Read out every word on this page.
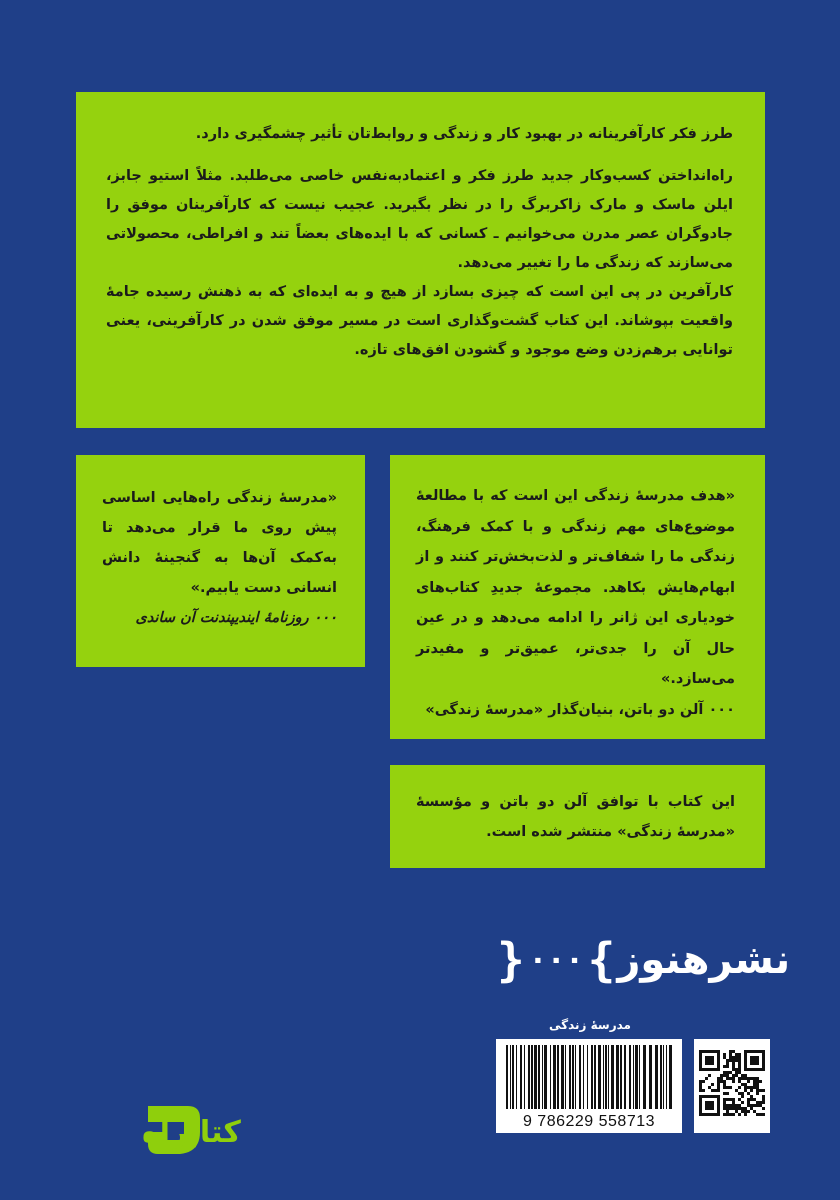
طرز فکر کارآفرینانه در بهبود کار و زندگی و روابط‌تان تأثیر چشمگیری دارد.

راه‌انداختن کسب‌وکار جدید طرز فکر و اعتماد‌به‌نفس خاصی می‌طلبد. مثلاً استیو جابز، ایلن ماسک و مارک زاکربرگ را در نظر بگیرید. عجیب نیست که کارآفرینان موفق را جادوگران عصر مدرن می‌خوانیم ـ کسانی که با ایده‌های بعضاً تند و افراطی، محصولاتی می‌سازند که زندگی ما را تغییر می‌دهد.

کارآفرین در پی این است که چیزی بسازد از هیچ و به ایده‌ای که به ذهنش رسیده جامهٔ واقعیت بپوشاند. این کتاب گشت‌وگذاری است در مسیر موفق شدن در کارآفرینی، یعنی توانایی برهم‌زدن وضع موجود و گشودن افق‌های تازه.

«هدف مدرسهٔ زندگی این است که با مطالعهٔ موضوع‌های مهم زندگی و با کمک فرهنگ، زندگی ما را شفاف‌تر و لذت‌بخش‌تر کنند و از ابهام‌هایش بکاهد. مجموعهٔ جدیدِ کتاب‌های خودیاری این ژانر را ادامه می‌دهد و در عین حال آن را جدی‌تر، عمیق‌تر و مفیدتر می‌سازد.»

۰۰۰ آلن دو باتن، بنیان‌گذار «مدرسهٔ زندگی»

«مدرسهٔ زندگی راه‌هایی اساسی پیش روی ما قرار می‌دهد تا به‌کمک آن‌ها به گنجینهٔ دانش انسانی دست یابیم.»

۰۰۰ روزنامهٔ ایندیپندنت آن ساندی

این کتاب با توافق آلن دو باتن و مؤسسهٔ «مدرسهٔ زندگی» منتشر شده است.

نشرهنوز
}
۰۰۰
{
مدرسهٔ زندگی
9 786229 558713
کتابراه
